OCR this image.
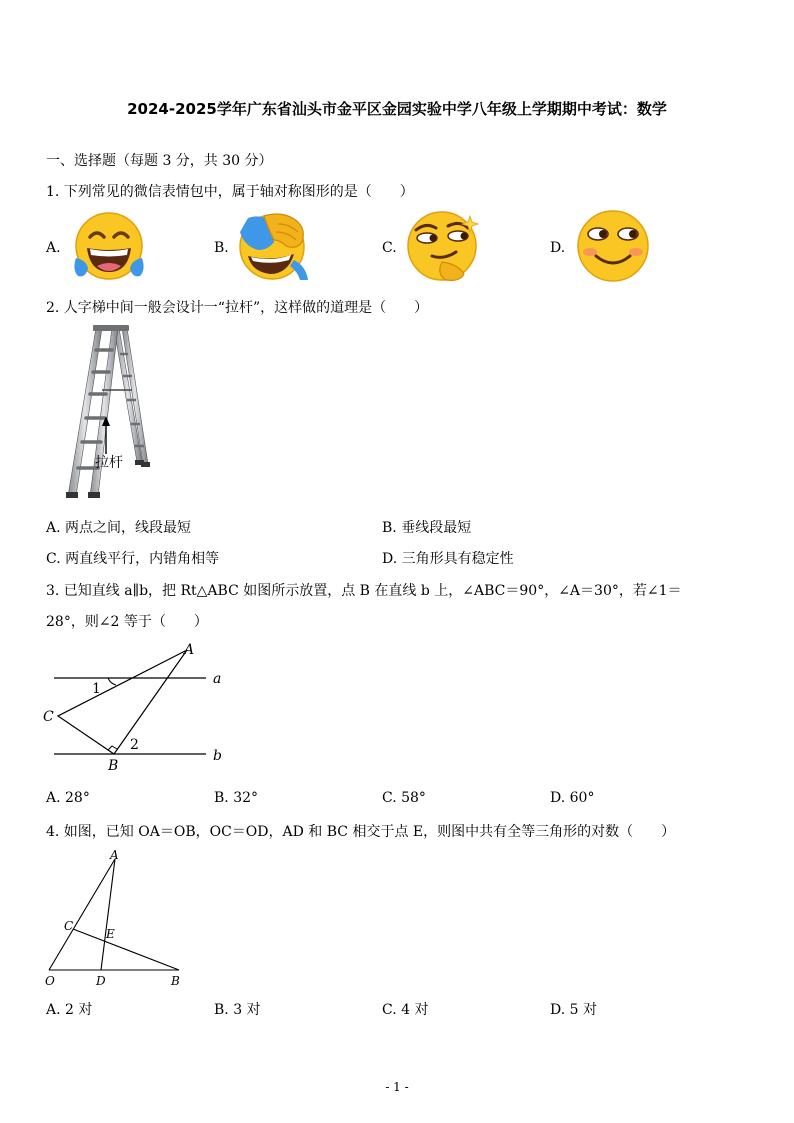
2024-2025学年广东省汕头市金平区金园实验中学八年级上学期期中考试：数学
一、选择题（每题 3 分，共 30 分）
1. 下列常见的微信表情包中，属于轴对称图形的是（　　）
A.	B.	C.	D.
2. 人字梯中间一般会设计一“拉杆”，这样做的道理是（　　）
拉杆
A. 两点之间，线段最短	B. 垂线段最短
C. 两直线平行，内错角相等	D. 三角形具有稳定性
3. 已知直线 a∥b，把 Rt△ABC 如图所示放置，点 B 在直线 b 上，∠ABC＝90°，∠A＝30°，若∠1＝
28°，则∠2 等于（　　）
A
C
B
a
b
1
2
A. 28°	B. 32°	C. 58°	D. 60°
4. 如图，已知 OA＝OB，OC＝OD，AD 和 BC 相交于点 E，则图中共有全等三角形的对数（　　）
A
C
E
O	D	B
A. 2 对	B. 3 对	C. 4 对	D. 5 对
- 1 -
